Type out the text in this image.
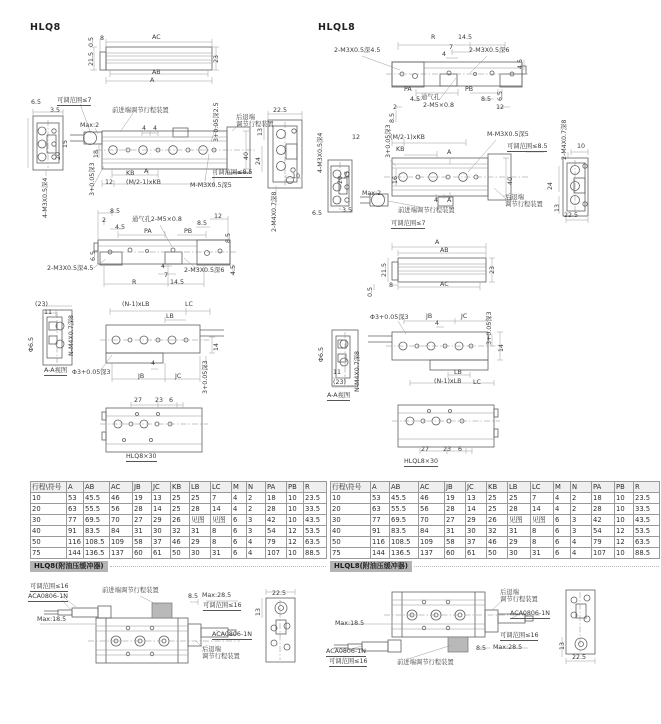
HLQ8	HLQL8
0.5 8	AC
21.5	23
AB
A
6.5
3.5
15
20
4-M3X0.5深4
可调范围≤7
前进端调节行程装置
Max:2	4 4	3+0.05深2.5	后退端
调节行程装置
18	40
3+0.05深3	KB A	可调范围≤8.5
12 (M/2-1)xKB	M-M3X0.5深5
22.5
13
24
10
2-M4X0.7深8
8.5
2
4.5
通气孔2-M5×0.8	12
8.5
PA	PB
8.5
6.5
2-M3X0.5深4.5	4
7
2-M3X0.5深6 4.5
R	14.5
(N-1)xLB	LC
LB
(23)
11
Φ6.5	N-M4X0.7深8
A-A视图 Φ3+0.05深3
4
JB	JC
14
3+0.05深3
27 23 6
HLQ8×30
R	14.5
7
4
2-M3X0.5深4.5	2-M3X0.5深6
4.5
PA	PB
6.5
4.5 通气孔
2-M5×0.8
8.5
2	12
8.5
4-M3X0.5深4	12	(M/2-1)xKB	M-M3X0.5深5
可调范围≤8.5	10
2-M4X0.7深8
KB	A
3+0.05深3
16	40
Max:2
4 A	后退端
调节行程装置
前进端调节行程装置
可调范围≤7
20
15
6.5	3.5
24
13
22.5
A
AB
21.5	23
AC
8
0.5
Φ3+0.05深3	JB	JC
4	3+0.05深3
14
LB
(N-1)xLB LC
Φ6.5
11
(23) N-M4X0.7深8
A-A视图
27 23 6
HLQL8×30
可调范围≤16
ACA0806-1N
前进端调节行程装置
Max:18.5
8.5 Max:28.5
可调范围≤16
ACA0806-1N
后退端
调节行程装置
22.5
13
后退端
调节行程装置
ACA0806-1N
Max:18.5
可调范围≤16
8.5 Max:28.5
ACA0806-1N
可调范围≤16	前进端调节行程装置
13
22.5
行程\符号	A	AB	AC	JB	JC	KB	LB	LC	M	N	PA	PB	R
10	53	45.5	46	19	13	25	25	7	4	2	18	10	23.5
20	63	55.5	56	28	14	25	28	14	4	2	28	10	33.5
30	77	69.5	70	27	29	26	见图	见图	6	3	42	10	43.5
40	91	83.5	84	31	30	32	31	8	6	3	54	12	53.5
50	116	108.5	109	58	37	46	29	8	6	4	79	12	63.5
75	144	136.5	137	60	61	50	30	31	6	4	107	10	88.5
行程\符号	A	AB	AC	JB	JC	KB	LB	LC	M	N	PA	PB	R
10	53	45.5	46	19	13	25	25	7	4	2	18	10	23.5
20	63	55.5	56	28	14	25	28	14	4	2	28	10	33.5
30	77	69.5	70	27	29	26	见图	见图	6	3	42	10	43.5
40	91	83.5	84	31	30	32	31	8	6	3	54	12	53.5
50	116	108.5	109	58	37	46	29	8	6	4	79	12	63.5
75	144	136.5	137	60	61	50	30	31	6	4	107	10	88.5
HLQ8(附油压缓冲器)	HLQL8(附油压缓冲器)
